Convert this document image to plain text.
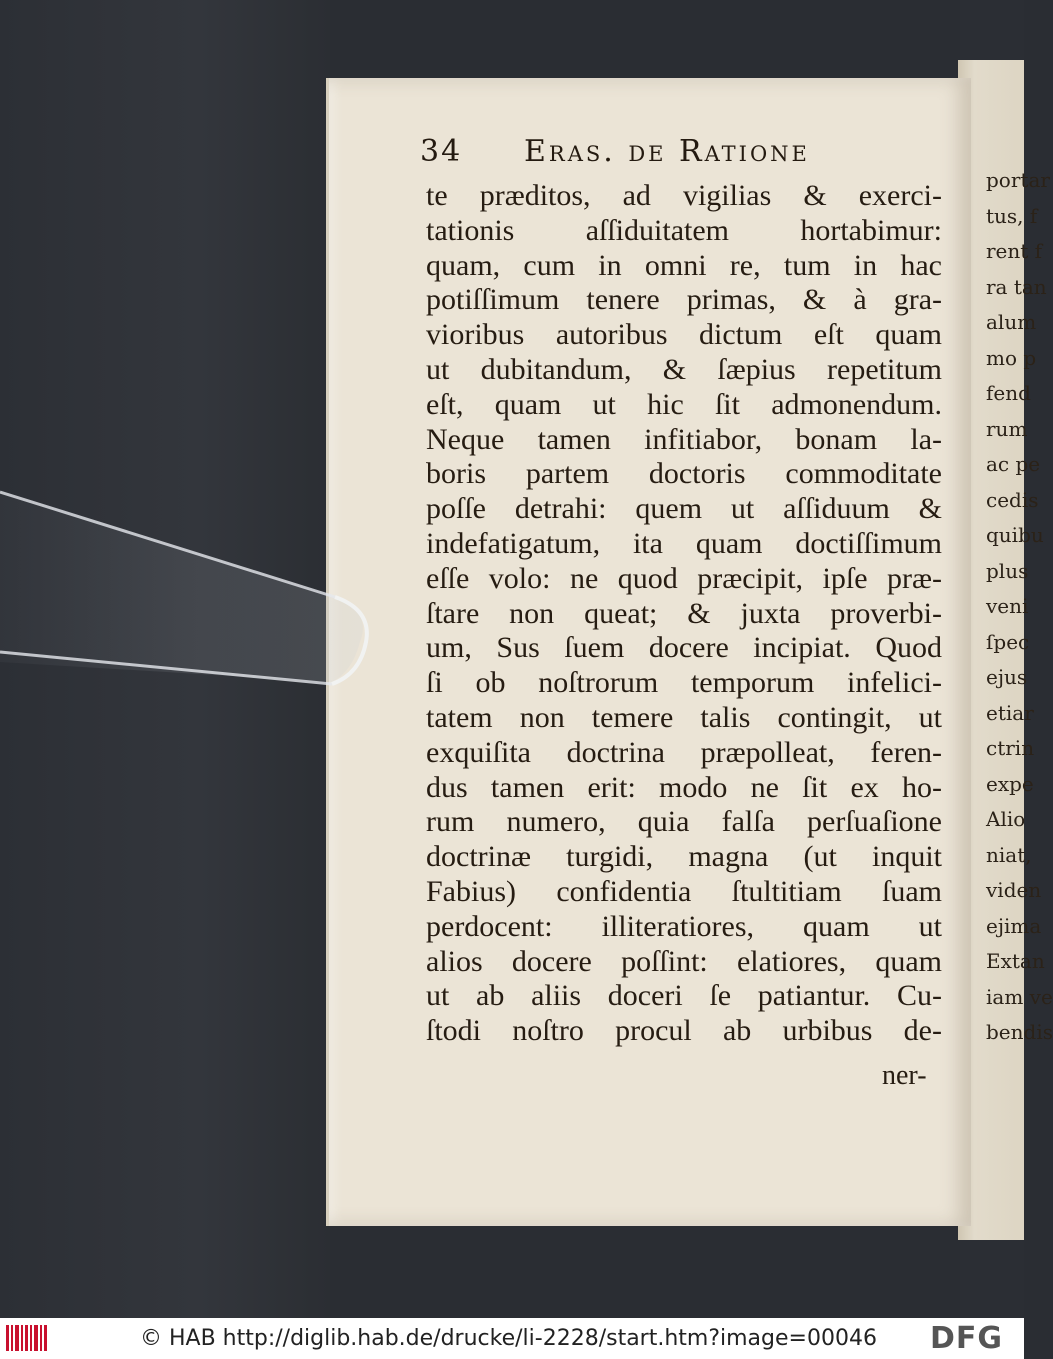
portar
tus, f
rent f
ra tan
alum
mo p
fend
rum
ac pe
cedis
quibu
plus
veni
ſpec
ejus
etiar
ctrin
expe
Alio
niat,
viden
ejima
Extan
iam ve
bendis
34 Eras. de Ratione
te præditos, ad vigilias & exerci-
tationis aſſiduitatem hortabimur:
quam, cum in omni re, tum in hac
potiſſimum tenere primas, & à gra-
vioribus autoribus dictum eſt quam
ut dubitandum, & ſæpius repetitum
eſt, quam ut hic ſit admonendum.
Neque tamen infitiabor, bonam la-
boris partem doctoris commoditate
poſſe detrahi: quem ut aſſiduum &
indefatigatum, ita quam doctiſſimum
eſſe volo: ne quod præcipit, ipſe præ-
ſtare non queat; & juxta proverbi-
um, Sus ſuem docere incipiat. Quod
ſi ob noſtrorum temporum infelici-
tatem non temere talis contingit, ut
exquiſita doctrina præpolleat, feren-
dus tamen erit: modo ne ſit ex ho-
rum numero, quia falſa perſuaſione
doctrinæ turgidi, magna (ut inquit
Fabius) confidentia ſtultitiam ſuam
perdocent: illiteratiores, quam ut
alios docere poſſint: elatiores, quam
ut ab aliis doceri ſe patiantur. Cu-
ſtodi noſtro procul ab urbibus de-
ner-
© HAB http://diglib.hab.de/drucke/li-2228/start.htm?image=00046 DFG
